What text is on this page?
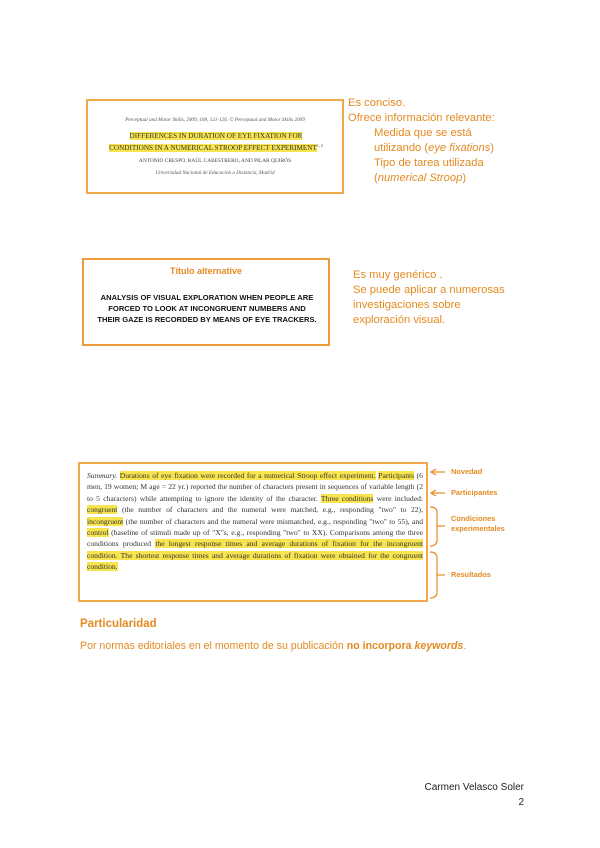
Perceptual and Motor Skills, 2009, 108, 121-126. © Perceptual and Motor Skills 2009
DIFFERENCES IN DURATION OF EYE FIXATION FOR
CONDITIONS IN A NUMERICAL STROOP EFFECT EXPERIMENT$^{1, 2}$
ANTONIO CRESPO, RAÚL CABESTRERO, AND PILAR QUIRÓS
Universidad Nacional de Educación a Distancia, Madrid
Es conciso.
Ofrece información relevante:
Medida que se está
utilizando (eye fixations)
Tipo de tarea utilizada
(numerical Stroop)
Título alternative
ANALYSIS OF VISUAL EXPLORATION WHEN PEOPLE ARE
FORCED TO LOOK AT INCONGRUENT NUMBERS AND
THEIR GAZE IS RECORDED BY MEANS OF EYE TRACKERS.
Es muy genérico .
Se puede aplicar a numerosas
investigaciones sobre
exploración visual.
Summary. Durations of eye fixation were recorded for a numerical Stroop effect experiment. Participants (6 men, 19 women; M age = 22 yr.) reported the number of characters present in sequences of variable length (2 to 5 characters) while attempting to ignore the identity of the character. Three conditions were included: congruent (the number of characters and the numeral were matched, e.g., responding "two" to 22), incongruent (the number of characters and the numeral were mismatched, e.g., responding "two" to 55), and control (baseline of stimuli made up of "X"s, e.g., responding "two" to XX). Comparisons among the three conditions produced the longest response times and average durations of fixation for the incongruent condition. The shortest response times and average durations of fixation were obtained for the congruent condition.
Novedad
Participantes
Condiciones
experimentales
Resultados
Particularidad
Por normas editoriales en el momento de su publicación no incorpora keywords.
Carmen Velasco Soler
2
